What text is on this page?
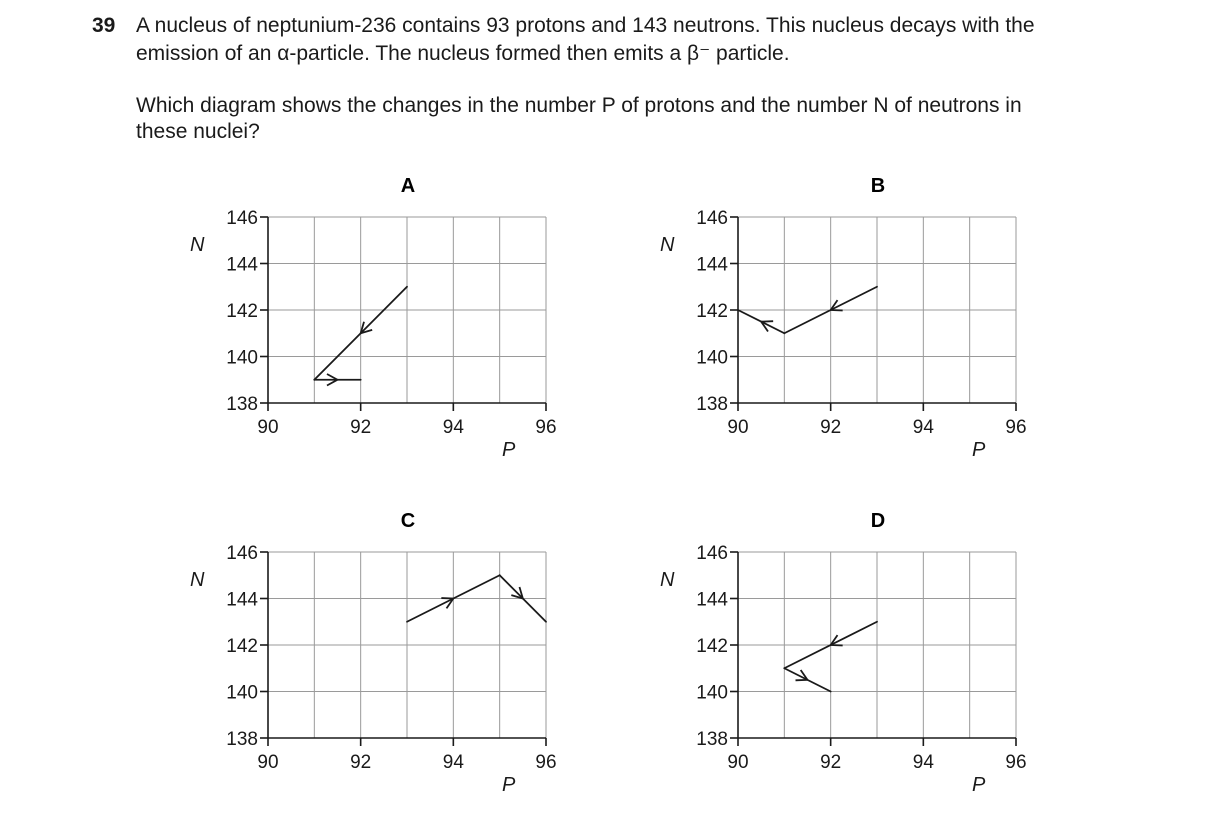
39 A nucleus of neptunium-236 contains 93 protons and 143 neutrons. This nucleus decays with the
emission of an α-particle. The nucleus formed then emits a β⁻ particle.
Which diagram shows the changes in the number P of protons and the number N of neutrons in
these nuclei?
A
146
144
142
140
138
90	92	94	96
N
P
B
146
144
142
140
138
90	92	94	96
N
P
C
146
144
142
140
138
90	92	94	96
N
P
D
146
144
142
140
138
90	92	94	96
N
P
